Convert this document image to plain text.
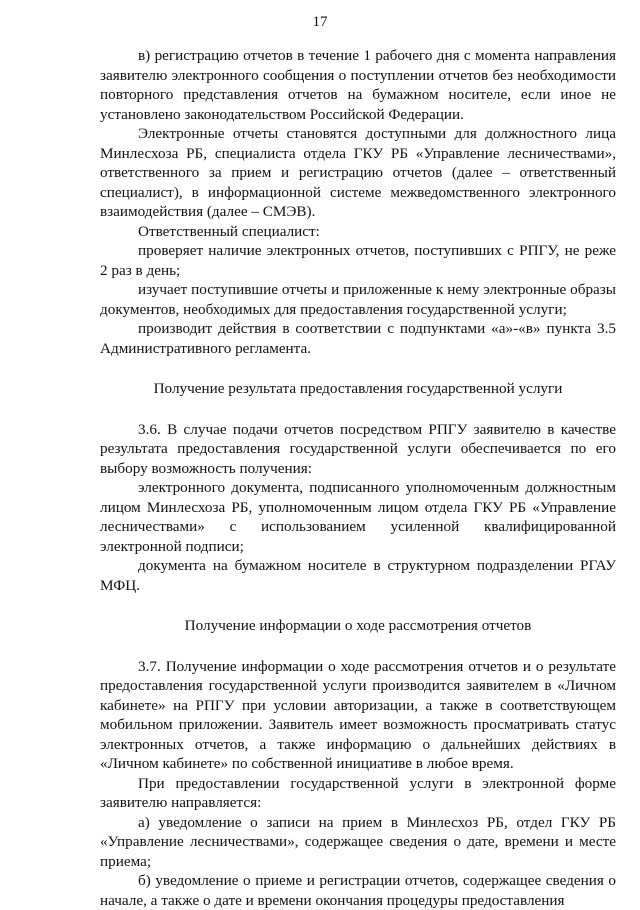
17

в) регистрацию отчетов в течение 1 рабочего дня с момента направления заявителю электронного сообщения о поступлении отчетов без необходимости повторного представления отчетов на бумажном носителе, если иное не установлено законодательством Российской Федерации.

Электронные отчеты становятся доступными для должностного лица Минлесхоза РБ, специалиста отдела ГКУ РБ «Управление лесничествами», ответственного за прием и регистрацию отчетов (далее – ответственный специалист), в информационной системе межведомственного электронного взаимодействия (далее – СМЭВ).

Ответственный специалист:

проверяет наличие электронных отчетов, поступивших с РПГУ, не реже 2 раз в день;

изучает поступившие отчеты и приложенные к нему электронные образы документов, необходимых для предоставления государственной услуги;

производит действия в соответствии с подпунктами «а»-«в» пункта 3.5 Административного регламента.

Получение результата предоставления государственной услуги

3.6. В случае подачи отчетов посредством РПГУ заявителю в качестве результата предоставления государственной услуги обеспечивается по его выбору возможность получения:

электронного документа, подписанного уполномоченным должностным лицом Минлесхоза РБ, уполномоченным лицом отдела ГКУ РБ «Управление лесничествами» с использованием усиленной квалифицированной электронной подписи;

документа на бумажном носителе в структурном подразделении РГАУ МФЦ.

Получение информации о ходе рассмотрения отчетов

3.7. Получение информации о ходе рассмотрения отчетов и о результате предоставления государственной услуги производится заявителем в «Личном кабинете» на РПГУ при условии авторизации, а также в соответствующем мобильном приложении. Заявитель имеет возможность просматривать статус электронных отчетов, а также информацию о дальнейших действиях в «Личном кабинете» по собственной инициативе в любое время.

При предоставлении государственной услуги в электронной форме заявителю направляется:

а) уведомление о записи на прием в Минлесхоз РБ, отдел ГКУ РБ «Управление лесничествами», содержащее сведения о дате, времени и месте приема;

б) уведомление о приеме и регистрации отчетов, содержащее сведения о начале, а также о дате и времени окончания процедуры предоставления
